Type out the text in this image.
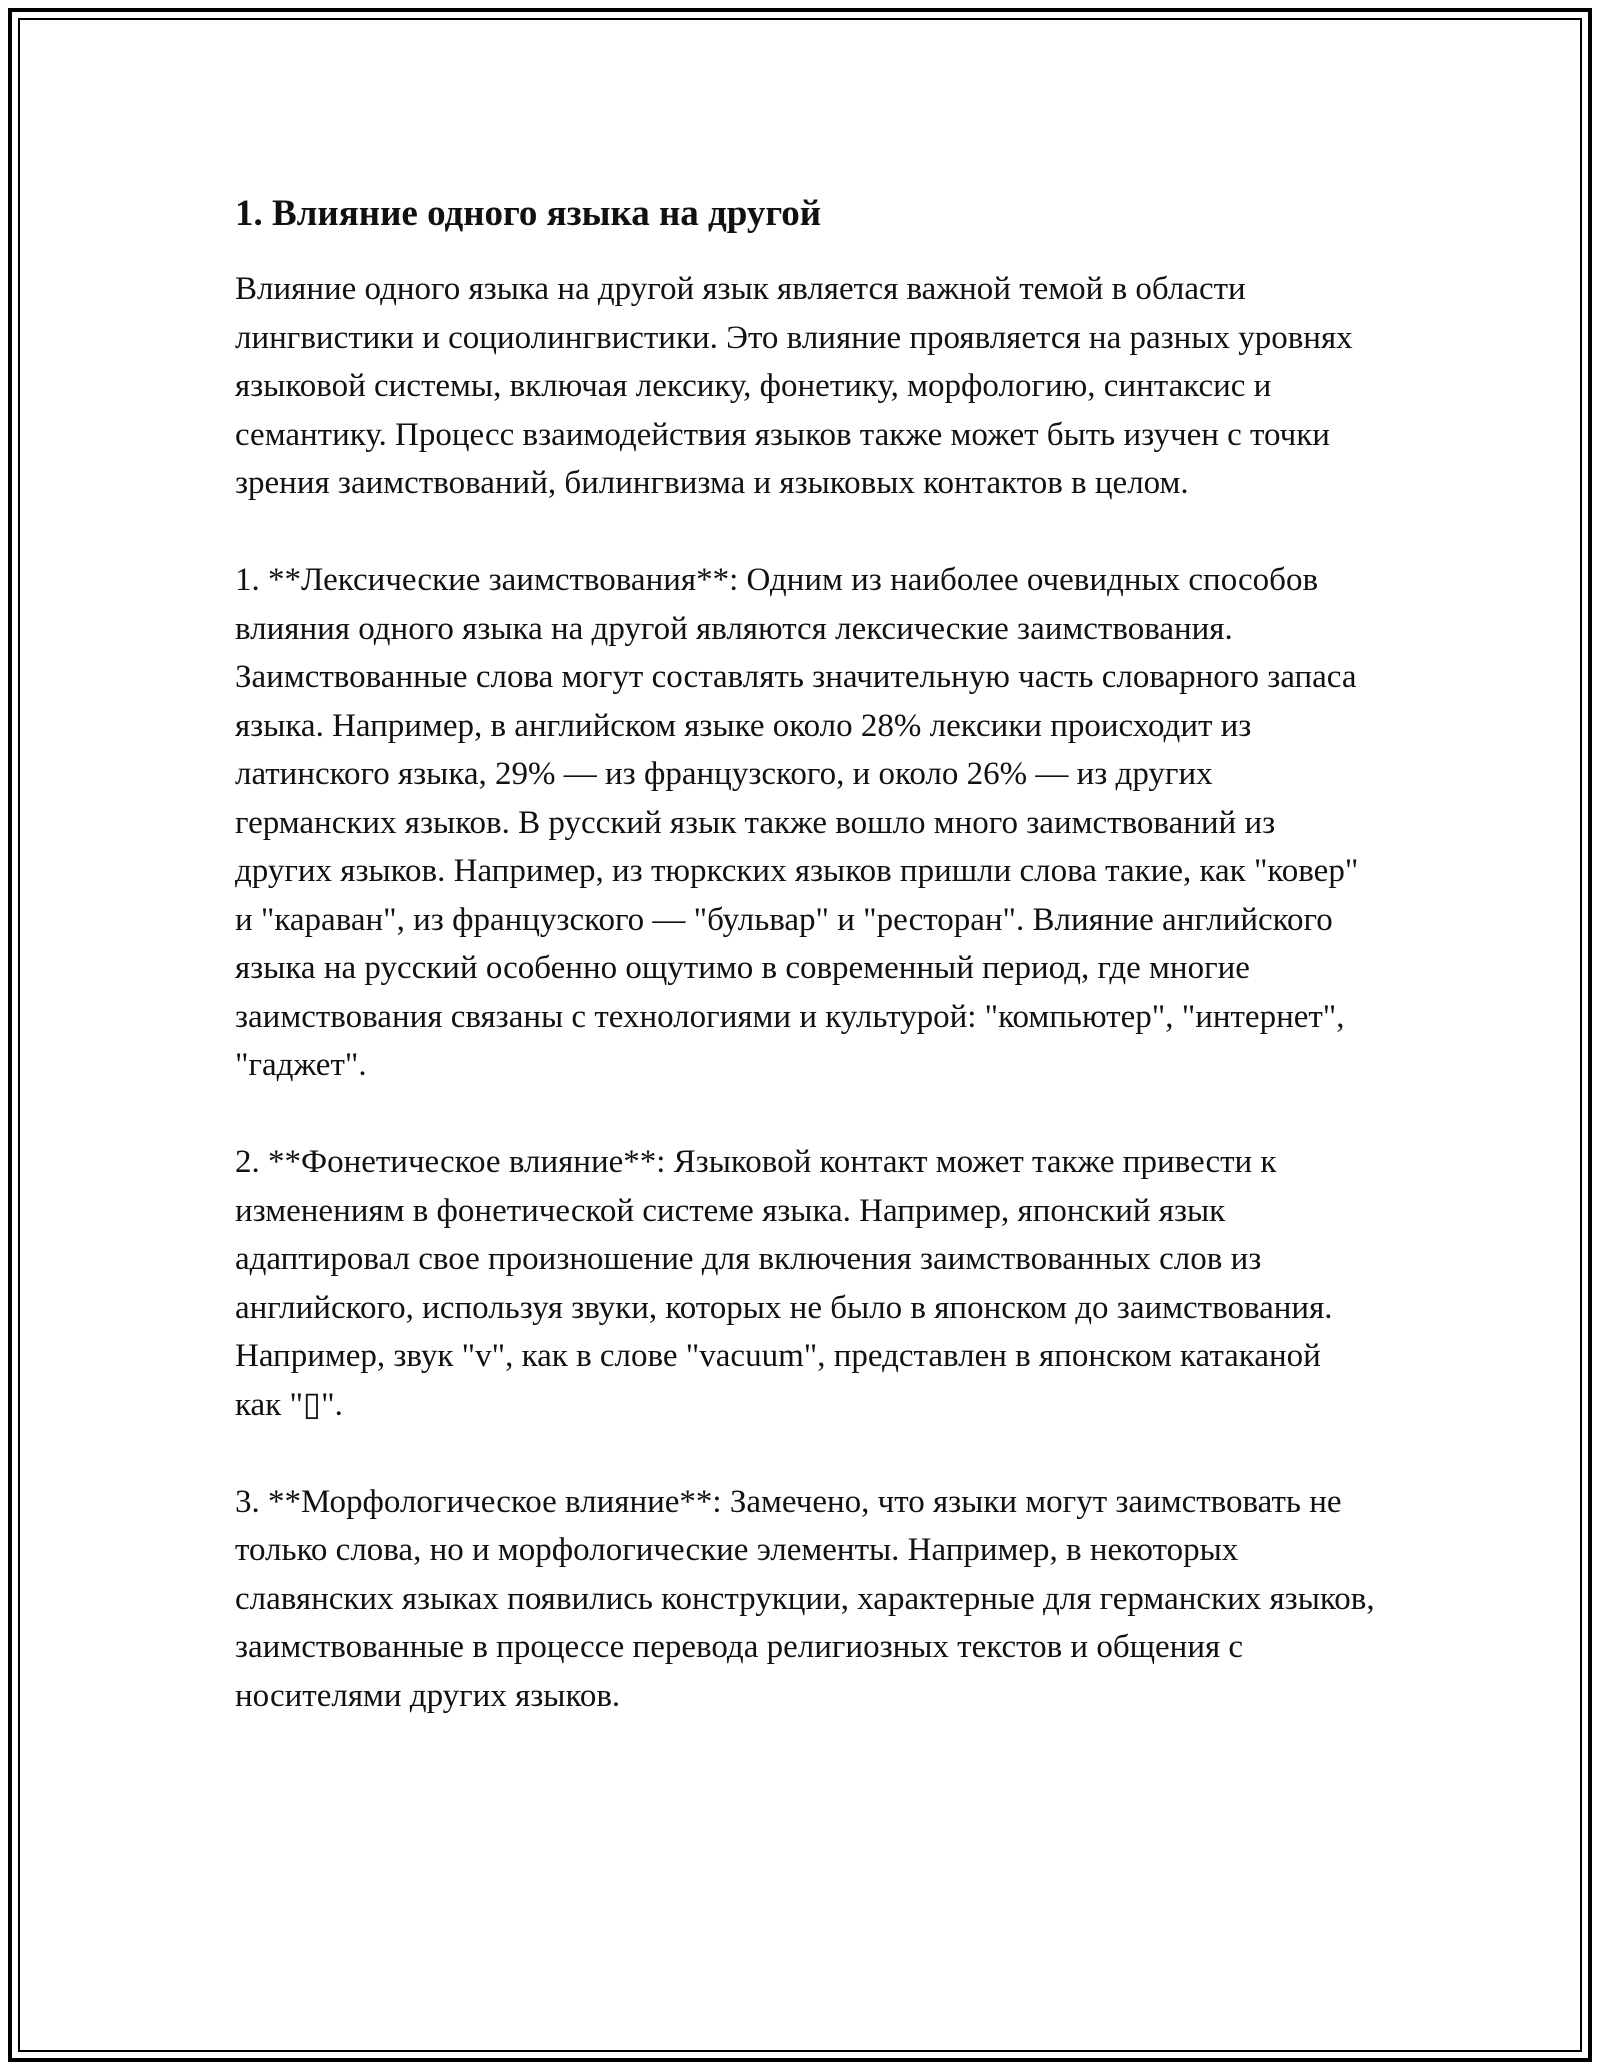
1. Влияние одного языка на другой

Влияние одного языка на другой язык является важной темой в области лингвистики и социолингвистики. Это влияние проявляется на разных уровнях языковой системы, включая лексику, фонетику, морфологию, синтаксис и семантику. Процесс взаимодействия языков также может быть изучен с точки зрения заимствований, билингвизма и языковых контактов в целом.

1. **Лексические заимствования**: Одним из наиболее очевидных способов влияния одного языка на другой являются лексические заимствования. Заимствованные слова могут составлять значительную часть словарного запаса языка. Например, в английском языке около 28% лексики происходит из латинского языка, 29% — из французского, и около 26% — из других германских языков. В русский язык также вошло много заимствований из других языков. Например, из тюркских языков пришли слова такие, как "ковер" и "караван", из французского — "бульвар" и "ресторан". Влияние английского языка на русский особенно ощутимо в современный период, где многие заимствования связаны с технологиями и культурой: "компьютер", "интернет", "гаджет".

2. **Фонетическое влияние**: Языковой контакт может также привести к изменениям в фонетической системе языка. Например, японский язык адаптировал свое произношение для включения заимствованных слов из английского, используя звуки, которых не было в японском до заимствования. Например, звук "v", как в слове "vacuum", представлен в японском катаканой как "▯".

3. **Морфологическое влияние**: Замечено, что языки могут заимствовать не только слова, но и морфологические элементы. Например, в некоторых славянских языках появились конструкции, характерные для германских языков, заимствованные в процессе перевода религиозных текстов и общения с носителями других языков.
